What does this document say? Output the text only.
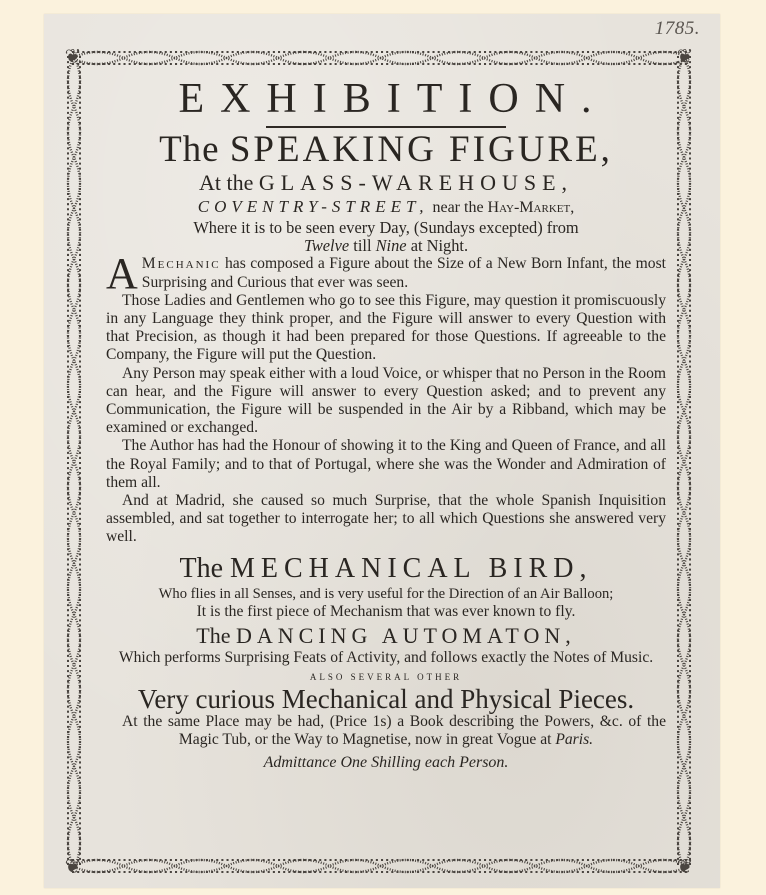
1785.
❦	❦
❦	❦
EXHIBITION.
The SPEAKING FIGURE,
At the GLASS-WAREHOUSE,
COVENTRY-STREET, near the Hay-Market,

Where it is to be seen every Day, (Sundays excepted) from

Twelve till Nine at Night.

A Mechanic has composed a Figure about the Size of a New Born Infant, the most Surprising and Curious that ever was seen.

Those Ladies and Gentlemen who go to see this Figure, may question it promiscuously in any Language they think proper, and the Figure will answer to every Question with that Precision, as though it had been prepared for those Questions. If agreeable to the Company, the Figure will put the Question.

Any Person may speak either with a loud Voice, or whisper that no Person in the Room can hear, and the Figure will answer to every Question asked; and to prevent any Communication, the Figure will be suspended in the Air by a Ribband, which may be examined or exchanged.

The Author has had the Honour of showing it to the King and Queen of France, and all the Royal Family; and to that of Portugal, where she was the Wonder and Admiration of them all.

And at Madrid, she caused so much Surprise, that the whole Spanish Inquisition assembled, and sat together to interrogate her; to all which Questions she answered very well.

The MECHANICAL BIRD,

Who flies in all Senses, and is very useful for the Direction of an Air Balloon;

It is the first piece of Mechanism that was ever known to fly.

The DANCING AUTOMATON,

Which performs Surprising Feats of Activity, and follows exactly the Notes of Music.

ALSO SEVERAL OTHER
Very curious Mechanical and Physical Pieces.

At the same Place may be had, (Price 1s) a Book describing the Powers, &c. of the Magic Tub, or the Way to Magnetise, now in great Vogue at Paris.

Admittance One Shilling each Person.
